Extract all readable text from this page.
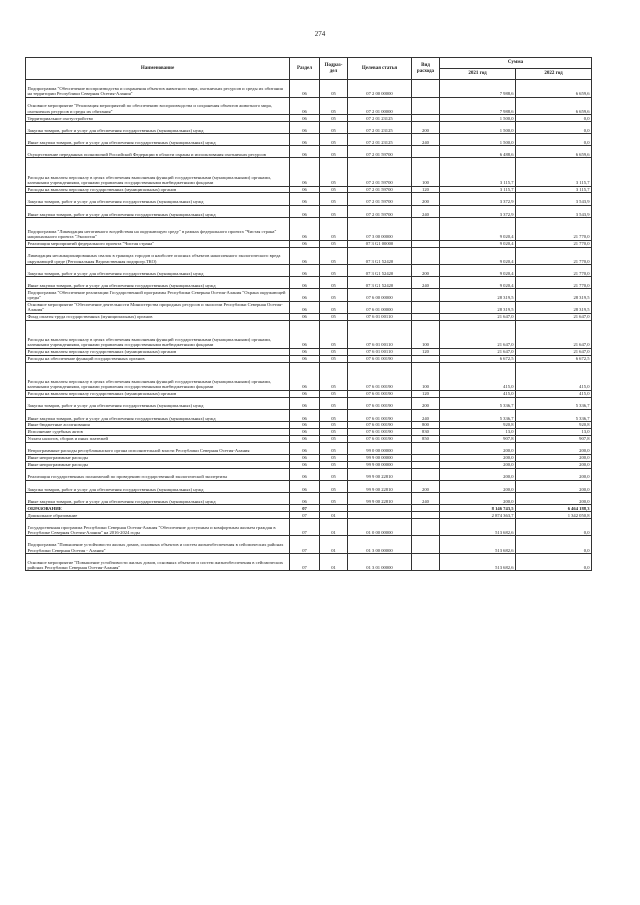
274
Наименование	Раздел	Подраз-дел	Целевая статья	Вид расхода	Сумма	
					2021 год	2022 год
Подпрограмма "Обеспечение воспроизводства и сохранения объектов животного мира, охотничьих ресурсов и среды их обитания на территории Республики Северная Осетия-Алания"	06	05	07 2 00 00000		7 988,6	6 659,6
Основное мероприятие "Реализация мероприятий по обеспечению воспроизводства и сохранения объектов животного мира, охотничьих ресурсов и среды их обитания"	06	05	07 2 01 00000		7 988,6	6 659,6
Территориальное охотустройство	06	05	07 2 01 23125		1 500,0	0,0
Закупка товаров, работ и услуг для обеспечения государственных (муниципальных) нужд	06	05	07 2 01 23125	200	1 500,0	0,0
Иные закупки товаров, работ и услуг для обеспечения государственных (муниципальных) нужд	06	05	07 2 01 23125	240	1 500,0	0,0
Осуществление переданных полномочий Российской Федерации в области охраны и использования охотничьих ресурсов	06	05	07 2 01 59700		6 488,6	6 659,6
Расходы на выплаты персоналу в целях обеспечения выполнения функций государственными (муниципальными) органами, казенными учреждениями, органами управления государственными внебюджетными фондами	06	05	07 2 01 59700	100	3 115,7	3 115,7
Расходы на выплаты персоналу государственных (муниципальных) органов	06	05	07 2 01 59700	120	3 115,7	3 115,7
Закупка товаров, работ и услуг для обеспечения государственных (муниципальных) нужд	06	05	07 2 01 59700	200	3 372,9	3 543,9
Иные закупки товаров, работ и услуг для обеспечения государственных (муниципальных) нужд	06	05	07 2 01 59700	240	3 372,9	3 543,9
Подпрограмма "Ликвидация негативного воздействия на окружающую среду" в рамках федерального проекта "Чистая страна" национального проекта "Экология"	06	05	07 3 00 00000		9 020,4	21 770,0
Реализация мероприятий федерального проекта "Чистая страна"	06	05	07 3 G1 00000		9 020,4	21 770,0
Ликвидация несанкционированных свалок в границах городов и наиболее опасных объектов накопленного экологического вреда окружающей среде (Региональная Ведомственная подпрогр.ТКО)	06	05	07 3 G1 52420		9 020,4	21 770,0
Закупка товаров, работ и услуг для обеспечения государственных (муниципальных) нужд	06	05	07 3 G1 52420	200	9 020,4	21 770,0
Иные закупки товаров, работ и услуг для обеспечения государственных (муниципальных) нужд	06	05	07 3 G1 52420	240	9 020,4	21 770,0
Подпрограмма "Обеспечение реализации Государственной программы Республики Северная Осетия-Алания "Охрана окружающей среды"	06	05	07 6 00 00000		28 319,5	28 319,5
Основное мероприятие "Обеспечение деятельности Министерства природных ресурсов и экологии Республики Северная Осетия-Алания"	06	05	07 6 01 00000		28 319,5	28 319,5
Фонд оплаты труда государственных (муниципальных) органов	06	05	07 6 01 00110		21 647,0	21 647,0
Расходы на выплаты персоналу в целях обеспечения выполнения функций государственными (муниципальными) органами, казенными учреждениями, органами управления государственными внебюджетными фондами	06	05	07 6 01 00110	100	21 647,0	21 647,0
Расходы на выплаты персоналу государственных (муниципальных) органов	06	05	07 6 01 00110	120	21 647,0	21 647,0
Расходы на обеспечение функций государственных органов	06	05	07 6 01 00190		6 672,5	6 672,5
Расходы на выплаты персоналу в целях обеспечения выполнения функций государственными (муниципальными) органами, казенными учреждениями, органами управления государственными внебюджетными фондами	06	05	07 6 01 00190	100	415,0	415,0
Расходы на выплаты персоналу государственных (муниципальных) органов	06	05	07 6 01 00190	120	415,0	415,0
Закупка товаров, работ и услуг для обеспечения государственных (муниципальных) нужд	06	05	07 6 01 00190	200	5 336,7	5 336,7
Иные закупки товаров, работ и услуг для обеспечения государственных (муниципальных) нужд	06	05	07 6 01 00190	240	5 336,7	5 336,7
Иные бюджетные ассигнования	06	05	07 6 01 00190	800	920,8	920,8
Исполнение судебных актов	06	05	07 6 01 00190	830	13,0	13,0
Уплата налогов, сборов и иных платежей	06	05	07 6 01 00190	850	907,8	907,8
Непрограммные расходы республиканского органа исполнительной власти Республики Северная Осетия-Алания	06	05	99 0 00 00000		200,0	200,0
Иные непрограммные расходы	06	05	99 9 00 00000		200,0	200,0
Иные непрограммные расходы	06	05	99 9 00 00000		200,0	200,0
Реализация государственных полномочий по проведению государственной экологической экспертизы	06	05	99 9 00 22810		200,0	200,0
Закупка товаров, работ и услуг для обеспечения государственных (муниципальных) нужд	06	05	99 9 00 22810	200	200,0	200,0
Иные закупки товаров, работ и услуг для обеспечения государственных (муниципальных) нужд	06	05	99 9 00 22810	240	200,0	200,0
ОБРАЗОВАНИЕ	07				8 146 743,5	6 464 188,3
Дошкольное образование	07	01			2 874 363,7	1 342 050,8
Государственная программа Республики Северная Осетия-Алания "Обеспечение доступным и комфортным жильем граждан в Республике Северная Осетия-Алания" на 2016-2024 годы	07	01	01 0 00 00000		513 682,6	0,0
Подпрограмма "Повышение устойчивости жилых домов, основных объектов и систем жизнеобеспечения в сейсмических районах Республики Северная Осетия - Алания"	07	01	01 3 00 00000		513 682,6	0,0
Основное мероприятие "Повышение устойчивости жилых домов, основных объектов и систем жизнеобеспечения в сейсмических районах Республики Северная Осетия-Алания"	07	01	01 3 01 00000		513 682,6	0,0
